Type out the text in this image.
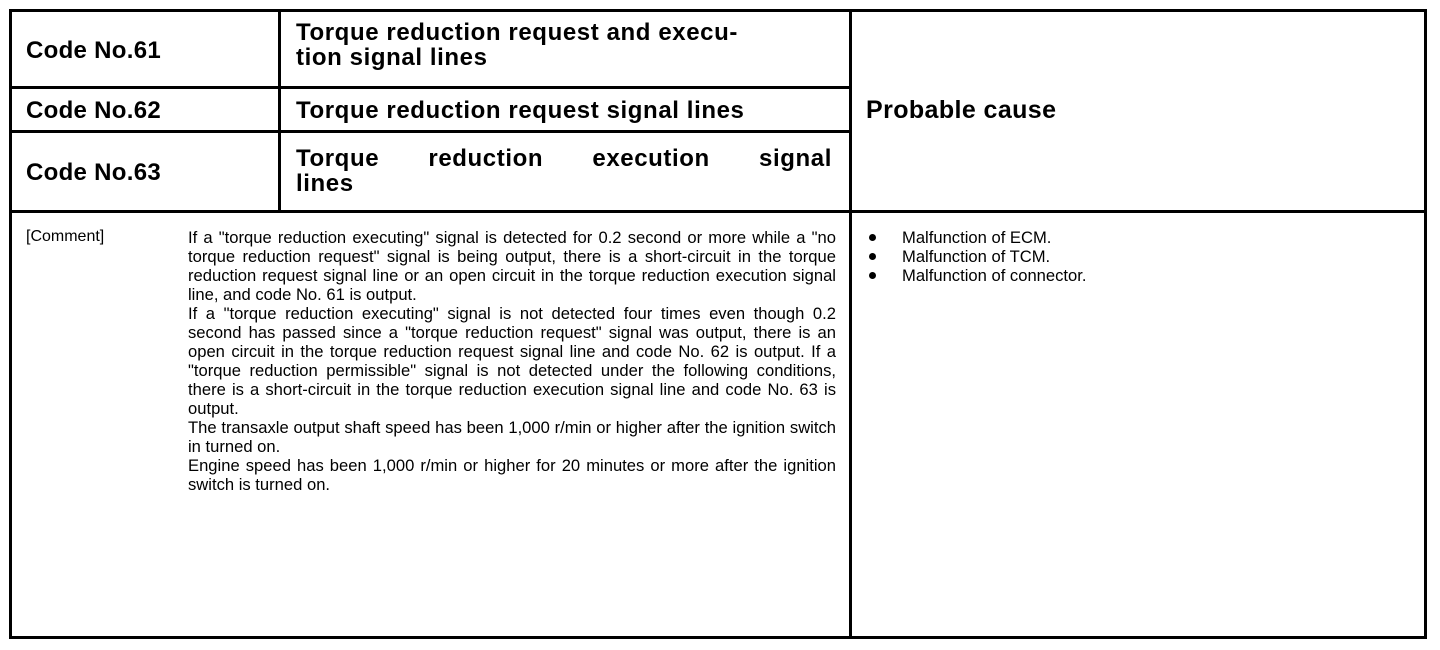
Code No.61
Torque reduction request and execu-
tion signal lines
Code No.62	Torque reduction request signal lines
Code No.63
Torque reduction execution signal
lines
Probable cause
[Comment]	If a "torque reduction executing" signal is detected for 0.2 second or more while a "no torque reduction request" signal is being output, there is a short-circuit in the torque reduction request signal line or an open circuit in the torque reduction execution signal line, and code No. 61 is output.

If a "torque reduction executing" signal is not detected four times even though 0.2 second has passed since a "torque reduction request" signal was output, there is an open circuit in the torque reduction request signal line and code No. 62 is output. If a "torque reduction permissible" signal is not detected under the following conditions, there is a short-circuit in the torque reduction execution signal line and code No. 63 is output.

The transaxle output shaft speed has been 1,000 r/min or higher after the ignition switch in turned on.

Engine speed has been 1,000 r/min or higher for 20 minutes or more after the ignition switch is turned on.

Malfunction of ECM.
Malfunction of TCM.
Malfunction of connector.
